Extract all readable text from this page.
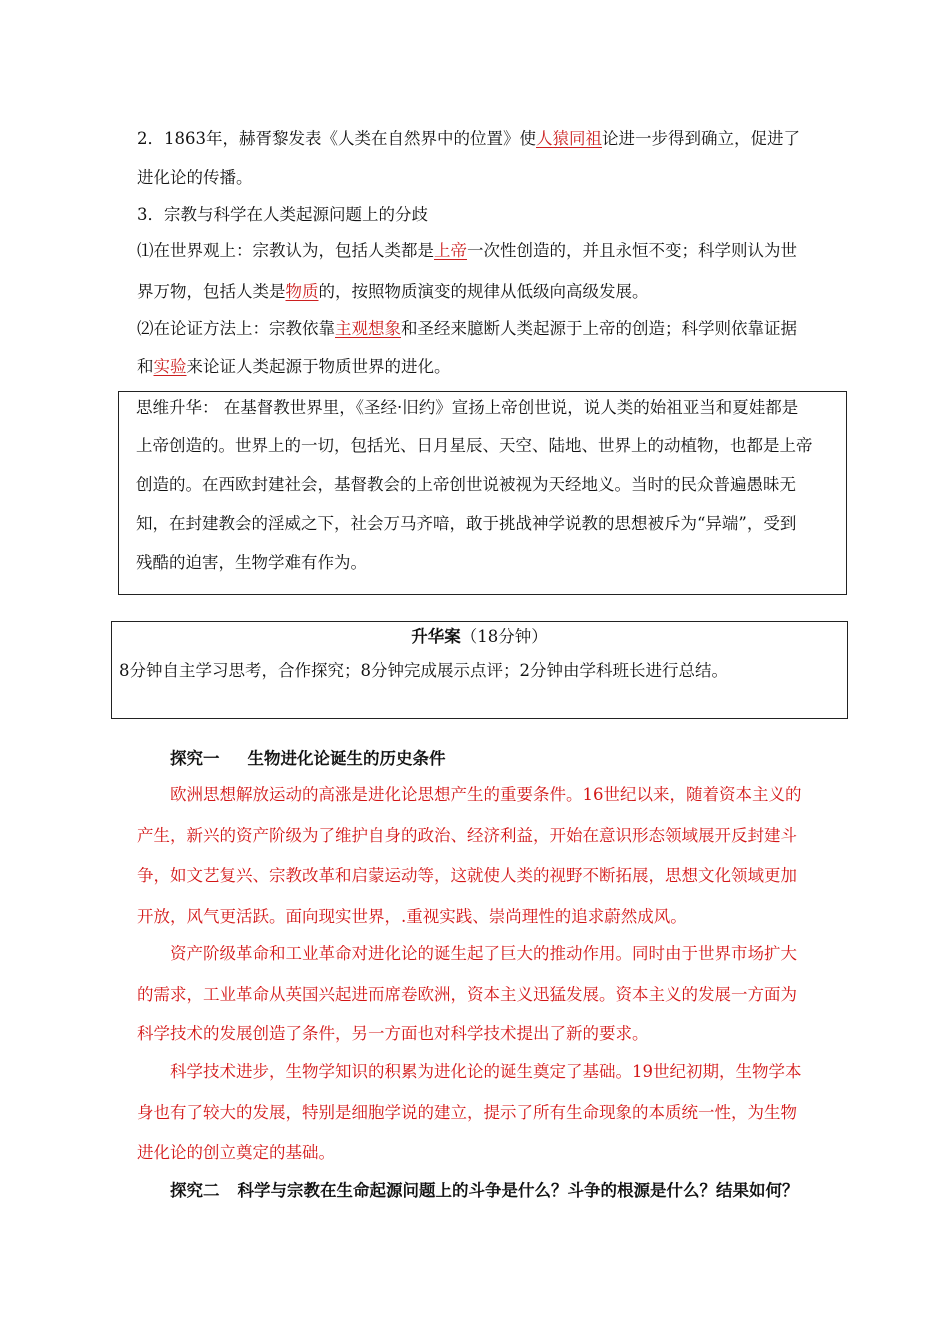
2．1863年，赫胥黎发表《人类在自然界中的位置》使人猿同祖论进一步得到确立，促进了
进化论的传播。
3．宗教与科学在人类起源问题上的分歧
⑴在世界观上：宗教认为，包括人类都是上帝一次性创造的，并且永恒不变；科学则认为世
界万物，包括人类是物质的，按照物质演变的规律从低级向高级发展。
⑵在论证方法上：宗教依靠主观想象和圣经来臆断人类起源于上帝的创造；科学则依靠证据
和实验来论证人类起源于物质世界的进化。
思维升华： 在基督教世界里，《圣经·旧约》宣扬上帝创世说，说人类的始祖亚当和夏娃都是
上帝创造的。世界上的一切，包括光、日月星辰、天空、陆地、世界上的动植物，也都是上帝
创造的。在西欧封建社会，基督教会的上帝创世说被视为天经地义。当时的民众普遍愚昧无
知，在封建教会的淫威之下，社会万马齐喑，敢于挑战神学说教的思想被斥为“异端”，受到
残酷的迫害，生物学难有作为。
升华案（18分钟）
8分钟自主学习思考，合作探究；8分钟完成展示点评；2分钟由学科班长进行总结。
探究一 生物进化论诞生的历史条件
欧洲思想解放运动的高涨是进化论思想产生的重要条件。16世纪以来，随着资本主义的
产生，新兴的资产阶级为了维护自身的政治、经济利益，开始在意识形态领域展开反封建斗
争，如文艺复兴、宗教改革和启蒙运动等，这就使人类的视野不断拓展，思想文化领域更加
开放，风气更活跃。面向现实世界，.重视实践、崇尚理性的追求蔚然成风。
资产阶级革命和工业革命对进化论的诞生起了巨大的推动作用。同时由于世界市场扩大
的需求，工业革命从英国兴起进而席卷欧洲，资本主义迅猛发展。资本主义的发展一方面为
科学技术的发展创造了条件，另一方面也对科学技术提出了新的要求。
科学技术进步，生物学知识的积累为进化论的诞生奠定了基础。19世纪初期，生物学本
身也有了较大的发展，特别是细胞学说的建立，提示了所有生命现象的本质统一性，为生物
进化论的创立奠定的基础。
探究二 科学与宗教在生命起源问题上的斗争是什么？斗争的根源是什么？结果如何？
